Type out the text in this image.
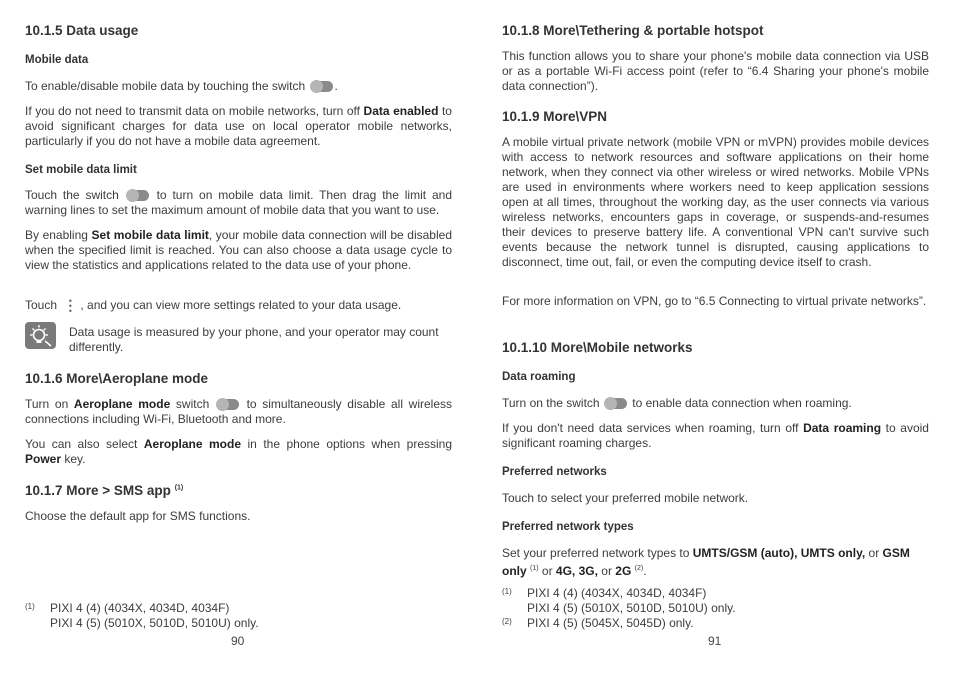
10.1.5 Data usage
Mobile data
To enable/disable mobile data by touching the switch .
If you do not need to transmit data on mobile networks, turn off Data enabled to avoid significant charges for data use on local operator mobile networks, particularly if you do not have a mobile data agreement.
Set mobile data limit
Touch the switch  to turn on mobile data limit. Then drag the limit and warning lines to set the maximum amount of mobile data that you want to use.
By enabling Set mobile data limit, your mobile data connection will be disabled when the specified limit is reached. You can also choose a data usage cycle to view the statistics and applications related to the data use of your phone.
Touch ⋮ , and you can view more settings related to your data usage.
Data usage is measured by your phone, and your operator may count differently.
10.1.6 More\Aeroplane mode
Turn on Aeroplane mode switch  to simultaneously disable all wireless connections including Wi-Fi, Bluetooth and more.
You can also select Aeroplane mode in the phone options when pressing Power key.
10.1.7 More > SMS app $^{(1)}$
Choose the default app for SMS functions.
(1) PIXI 4 (4) (4034X, 4034D, 4034F)
PIXI 4 (5) (5010X, 5010D, 5010U) only.
90
10.1.8 More\Tethering & portable hotspot
This function allows you to share your phone's mobile data connection via USB or as a portable Wi-Fi access point (refer to “6.4 Sharing your phone's mobile data connection”).
10.1.9 More\VPN
A mobile virtual private network (mobile VPN or mVPN) provides mobile devices with access to network resources and software applications on their home network, when they connect via other wireless or wired networks. Mobile VPNs are used in environments where workers need to keep application sessions open at all times, throughout the working day, as the user connects via various wireless networks, encounters gaps in coverage, or suspends-and-resumes their devices to preserve battery life. A conventional VPN can't survive such events because the network tunnel is disrupted, causing applications to disconnect, time out, fail, or even the computing device itself to crash.
For more information on VPN, go to “6.5 Connecting to virtual private networks”.
10.1.10 More\Mobile networks
Data roaming
Turn on the switch  to enable data connection when roaming.
If you don't need data services when roaming, turn off Data roaming to avoid significant roaming charges.
Preferred networks
Touch to select your preferred mobile network.
Preferred network types
Set your preferred network types to UMTS/GSM (auto), UMTS only, or GSM only $^{(1)}$ or 4G, 3G, or 2G $^{(2)}$.
(1) PIXI 4 (4) (4034X, 4034D, 4034F)
PIXI 4 (5) (5010X, 5010D, 5010U) only.
(2) PIXI 4 (5) (5045X, 5045D) only.
91
